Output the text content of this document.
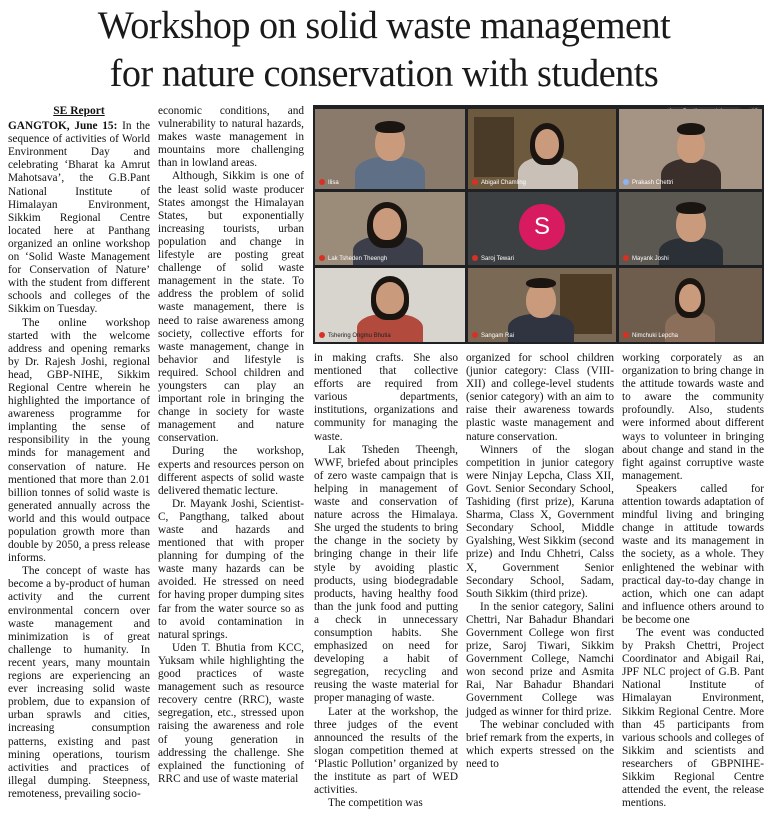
Workshop on solid waste management
for nature conservation with students
SE Report

GANGTOK, June 15: In the sequence of activities of World Environment Day and celebrating ‘Bharat ka Amrut Mahotsava’, the G.B.Pant National Institute of Himalayan Environment, Sikkim Regional Centre located here at Panthang organized an online workshop on ‘Solid Waste Management for Conservation of Nature’ with the student from different schools and colleges of the Sikkim on Tuesday.

The online workshop started with the welcome address and opening remarks by Dr. Rajesh Joshi, regional head, GBP-NIHE, Sikkim Regional Centre wherein he highlighted the importance of awareness programme for implanting the sense of responsibility in the young minds for management and conservation of nature. He mentioned that more than 2.01 billion tonnes of solid waste is generated annually across the world and this would outpace population growth more than double by 2050, a press release informs.

The concept of waste has become a by-product of human activity and the current environmental concern over waste management and minimization is of great challenge to humanity. In recent years, many mountain regions are experiencing an ever increasing solid waste problem, due to expansion of urban sprawls and cities, increasing consumption patterns, existing and past mining operations, tourism activities and practices of illegal dumping. Steepness, remoteness, prevailing socio-

economic conditions, and vulnerability to natural hazards, makes waste management in mountains more challenging than in lowland areas.

Although, Sikkim is one of the least solid waste producer States amongst the Himalayan States, but exponentially increasing tourists, urban population and change in lifestyle are posting great challenge of solid waste management in the state. To address the problem of solid waste management, there is need to raise awareness among society, collective efforts for waste management, change in behavior and lifestyle is required. School children and youngsters can play an important role in bringing the change in society for waste management and nature conservation.

During the workshop, experts and resources person on different aspects of solid waste delivered thematic lecture.

Dr. Mayank Joshi, Scientist-C, Pangthang, talked about waste and hazards and mentioned that with proper planning for dumping of the waste many hazards can be avoided. He stressed on need for having proper dumping sites far from the water source so as to avoid contamination in natural springs.

Uden T. Bhutia from KCC, Yuksam while highlighting the good practices of waste management such as resource recovery centre (RRC), waste segregation, etc., stressed upon raising the awareness and role of young generation in addressing the challenge. She explained the functioning of RRC and use of waste material

Ilisa	Abigail Chamling	Prakash Chettri
Lak Tsheden Theengh
S
Saroj Tewari	Mayank Joshi
Tshering Ongmu Bhutia	Sangam Rai	Nimchuki Lepcha

in making crafts. She also mentioned that collective efforts are required from various departments, institutions, organizations and community for managing the waste.

Lak Tsheden Theengh, WWF, briefed about principles of zero waste campaign that is helping in management of waste and conservation of nature across the Himalaya. She urged the students to bring the change in the society by bringing change in their life style by avoiding plastic products, using biodegradable products, having healthy food than the junk food and putting a check in unnecessary consumption habits. She emphasized on need for developing a habit of segregation, recycling and reusing the waste material for proper managing of waste.

Later at the workshop, the three judges of the event announced the results of the slogan competition themed at ‘Plastic Pollution’ organized by the institute as part of WED activities.

The competition was

organized for school children (junior category: Class (VIII-XII) and college-level students (senior category) with an aim to raise their awareness towards plastic waste management and nature conservation.

Winners of the slogan competition in junior category were Ninjay Lepcha, Class XII, Govt. Senior Secondary School, Tashiding (first prize), Karuna Sharma, Class X, Government Secondary School, Middle Gyalshing, West Sikkim (second prize) and Indu Chhetri, Calss X, Government Senior Secondary School, Sadam, South Sikkim (third prize).

In the senior category, Salini Chettri, Nar Bahadur Bhandari Government College won first prize, Saroj Tiwari, Sikkim Government College, Namchi won second prize and Asmita Rai, Nar Bahadur Bhandari Government College was judged as winner for third prize.

The webinar concluded with brief remark from the experts, in which experts stressed on the need to

working corporately as an organization to bring change in the attitude towards waste and to aware the community profoundly. Also, students were informed about different ways to volunteer in bringing about change and stand in the fight against corruptive waste management.

Speakers called for attention towards adaptation of mindful living and bringing change in attitude towards waste and its management in the society, as a whole. They enlightened the webinar with practical day-to-day change in action, which one can adapt and influence others around to be become one

The event was conducted by Praksh Chettri, Project Coordinator and Abigail Rai, JPF NLC project of G.B. Pant National Institute of Himalayan Environment, Sikkim Regional Centre. More than 45 participants from various schools and colleges of Sikkim and scientists and researchers of GBPNIHE-Sikkim Regional Centre attended the event, the release mentions.
